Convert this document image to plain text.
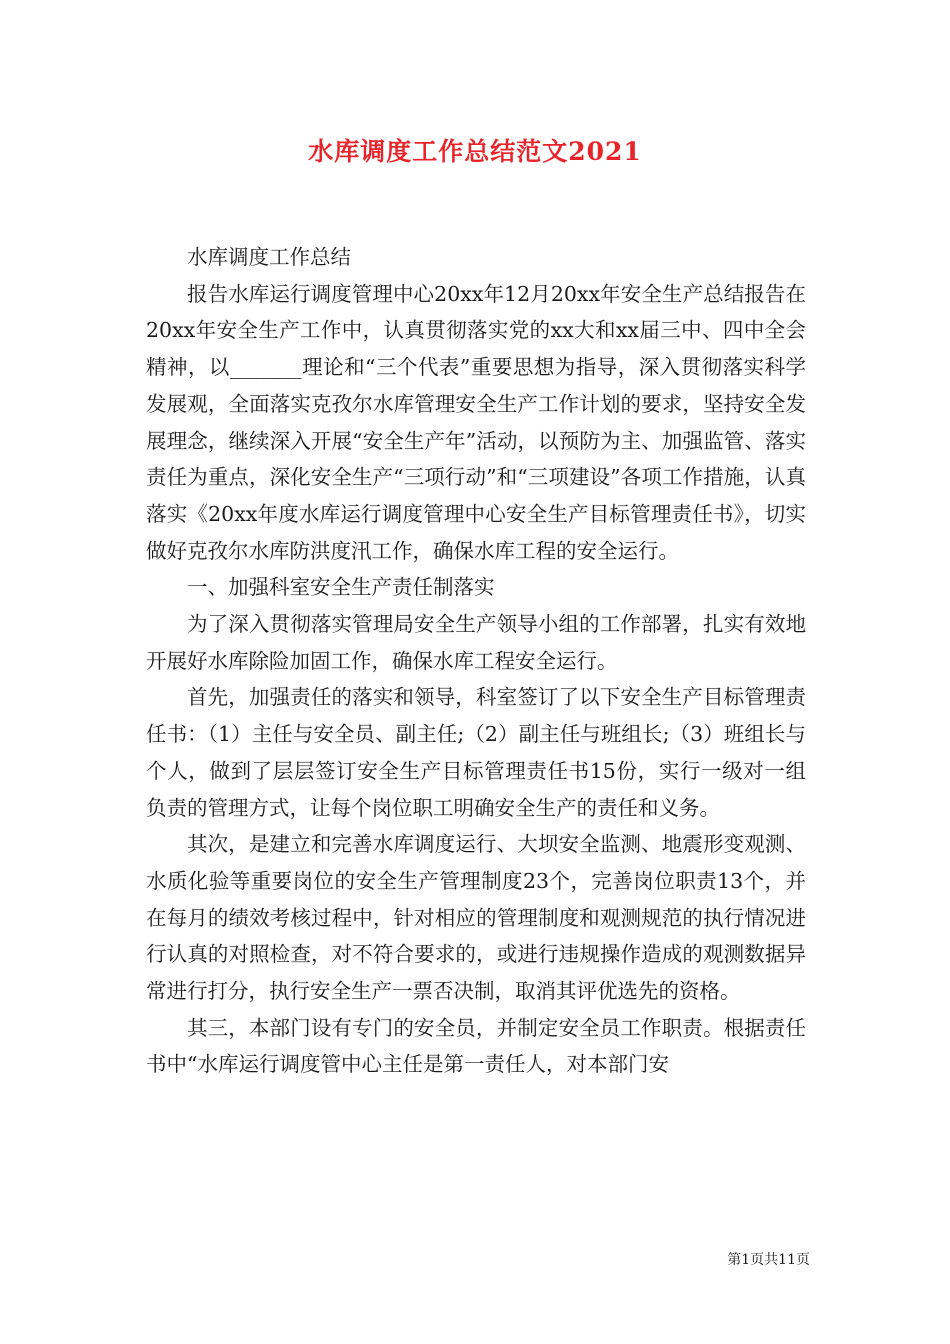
水库调度工作总结范文2021

水库调度工作总结

报告水库运行调度管理中心20xx年12月20xx年安全生产总结报告在20xx年安全生产工作中，认真贯彻落实党的xx大和xx届三中、四中全会精神，以_______理论和“三个代表”重要思想为指导，深入贯彻落实科学发展观，全面落实克孜尔水库管理安全生产工作计划的要求，坚持安全发展理念，继续深入开展“安全生产年”活动，以预防为主、加强监管、落实责任为重点，深化安全生产“三项行动”和“三项建设”各项工作措施，认真落实《20xx年度水库运行调度管理中心安全生产目标管理责任书》，切实做好克孜尔水库防洪度汛工作，确保水库工程的安全运行。

一、加强科室安全生产责任制落实

为了深入贯彻落实管理局安全生产领导小组的工作部署，扎实有效地开展好水库除险加固工作，确保水库工程安全运行。

首先，加强责任的落实和领导，科室签订了以下安全生产目标管理责任书：（1）主任与安全员、副主任;（2）副主任与班组长;（3）班组长与个人，做到了层层签订安全生产目标管理责任书15份，实行一级对一组负责的管理方式，让每个岗位职工明确安全生产的责任和义务。

其次，是建立和完善水库调度运行、大坝安全监测、地震形变观测、水质化验等重要岗位的安全生产管理制度23个，完善岗位职责13个，并在每月的绩效考核过程中，针对相应的管理制度和观测规范的执行情况进行认真的对照检查，对不符合要求的，或进行违规操作造成的观测数据异常进行打分，执行安全生产一票否决制，取消其评优选先的资格。

其三，本部门设有专门的安全员，并制定安全员工作职责。根据责任书中“水库运行调度管中心主任是第一责任人，对本部门安

第1页共11页
